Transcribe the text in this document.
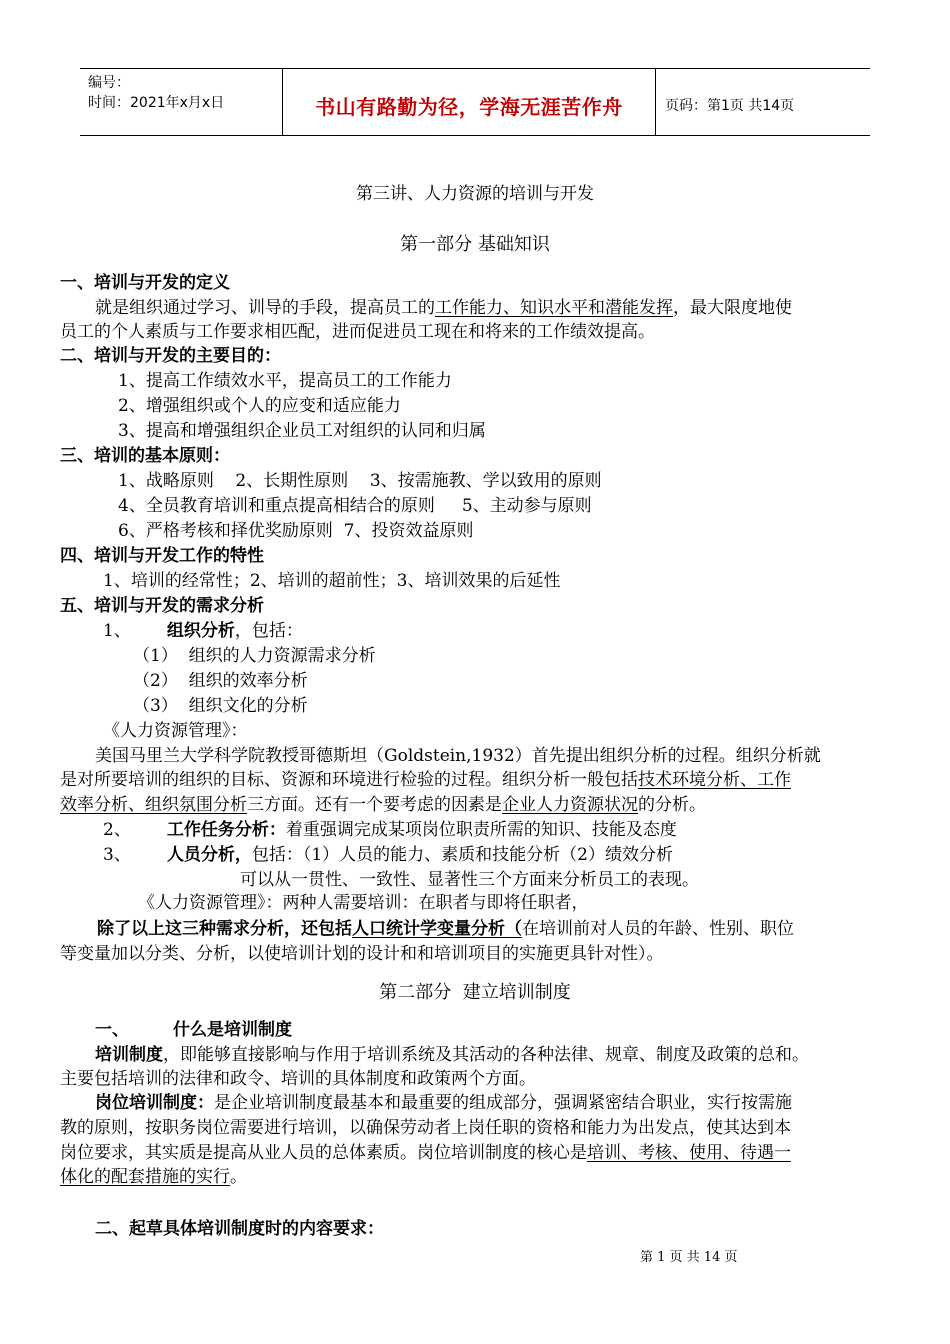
编号：
时间：2021年x月x日	书山有路勤为径，学海无涯苦作舟	页码：第1页 共14页
第三讲、人力资源的培训与开发
第一部分 基础知识
一、培训与开发的定义
就是组织通过学习、训导的手段，提高员工的工作能力、知识水平和潜能发挥，最大限度地使
员工的个人素质与工作要求相匹配，进而促进员工现在和将来的工作绩效提高。
二、培训与开发的主要目的：
1、提高工作绩效水平，提高员工的工作能力
2、增强组织或个人的应变和适应能力
3、提高和增强组织企业员工对组织的认同和归属
三、培训的基本原则：
1、战略原则    2、长期性原则    3、按需施教、学以致用的原则
4、全员教育培训和重点提高相结合的原则     5、主动参与原则
6、严格考核和择优奖励原则  7、投资效益原则
四、培训与开发工作的特性
1、培训的经常性；2、培训的超前性；3、培训效果的后延性
五、培训与开发的需求分析
1、 组织分析，包括：
（1）  组织的人力资源需求分析
（2）  组织的效率分析
（3）  组织文化的分析
《人力资源管理》：
美国马里兰大学科学院教授哥德斯坦（Goldstein,1932）首先提出组织分析的过程。组织分析就
是对所要培训的组织的目标、资源和环境进行检验的过程。组织分析一般包括技术环境分析、工作
效率分析、组织氛围分析三方面。还有一个要考虑的因素是企业人力资源状况的分析。
2、 工作任务分析：着重强调完成某项岗位职责所需的知识、技能及态度
3、 人员分析，包括：（1）人员的能力、素质和技能分析（2）绩效分析
可以从一贯性、一致性、显著性三个方面来分析员工的表现。
《人力资源管理》：两种人需要培训：在职者与即将任职者，
除了以上这三种需求分析，还包括人口统计学变量分析（在培训前对人员的年龄、性别、职位
等变量加以分类、分析，以使培训计划的设计和和培训项目的实施更具针对性）。
第二部分  建立培训制度
一、	什么是培训制度
培训制度，即能够直接影响与作用于培训系统及其活动的各种法律、规章、制度及政策的总和。
主要包括培训的法律和政令、培训的具体制度和政策两个方面。
岗位培训制度：是企业培训制度最基本和最重要的组成部分，强调紧密结合职业，实行按需施
教的原则，按职务岗位需要进行培训，以确保劳动者上岗任职的资格和能力为出发点，使其达到本
岗位要求，其实质是提高从业人员的总体素质。岗位培训制度的核心是培训、考核、使用、待遇一
体化的配套措施的实行。
二、起草具体培训制度时的内容要求：
第 1 页 共 14 页
